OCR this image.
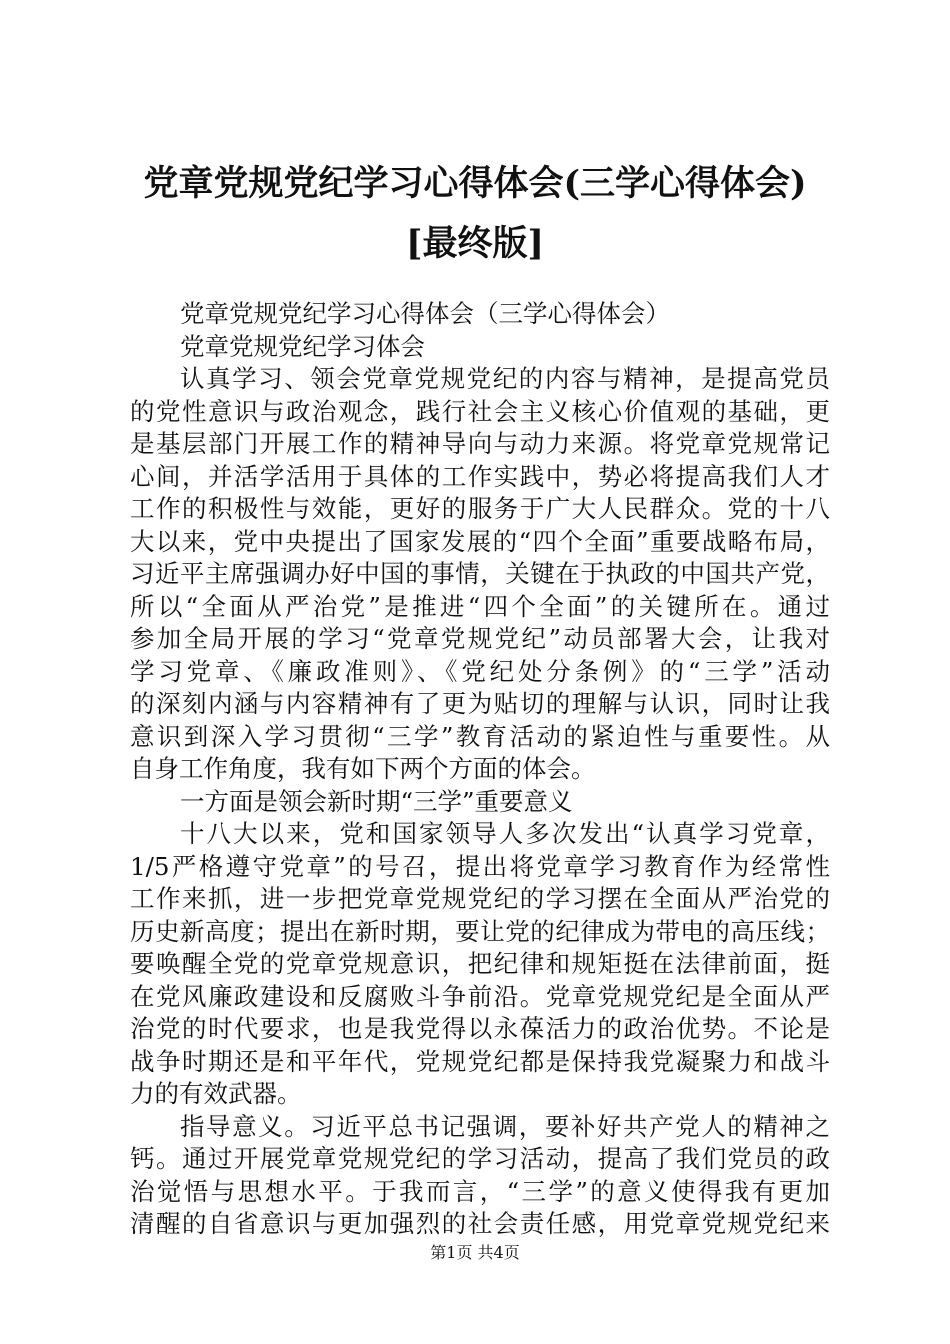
党章党规党纪学习心得体会(三学心得体会)
[最终版]
党章党规党纪学习心得体会（三学心得体会）
党章党规党纪学习体会
认真学习、领会党章党规党纪的内容与精神，是提高党员
的党性意识与政治观念，践行社会主义核心价值观的基础，更
是基层部门开展工作的精神导向与动力来源。将党章党规常记
心间，并活学活用于具体的工作实践中，势必将提高我们人才
工作的积极性与效能，更好的服务于广大人民群众。党的十八
大以来，党中央提出了国家发展的“四个全面”重要战略布局，
习近平主席强调办好中国的事情，关键在于执政的中国共产党，
所以“全面从严治党”是推进“四个全面”的关键所在。通过
参加全局开展的学习“党章党规党纪”动员部署大会，让我对
学习党章、《廉政准则》、《党纪处分条例》的“三学”活动
的深刻内涵与内容精神有了更为贴切的理解与认识，同时让我
意识到深入学习贯彻“三学”教育活动的紧迫性与重要性。从
自身工作角度，我有如下两个方面的体会。
一方面是领会新时期“三学”重要意义
十八大以来，党和国家领导人多次发出“认真学习党章，
1/5严格遵守党章”的号召，提出将党章学习教育作为经常性
工作来抓，进一步把党章党规党纪的学习摆在全面从严治党的
历史新高度；提出在新时期，要让党的纪律成为带电的高压线；
要唤醒全党的党章党规意识，把纪律和规矩挺在法律前面，挺
在党风廉政建设和反腐败斗争前沿。党章党规党纪是全面从严
治党的时代要求，也是我党得以永葆活力的政治优势。不论是
战争时期还是和平年代，党规党纪都是保持我党凝聚力和战斗
力的有效武器。
指导意义。习近平总书记强调，要补好共产党人的精神之
钙。通过开展党章党规党纪的学习活动，提高了我们党员的政
治觉悟与思想水平。于我而言，“三学”的意义使得我有更加
清醒的自省意识与更加强烈的社会责任感，用党章党规党纪来
第1页 共4页
